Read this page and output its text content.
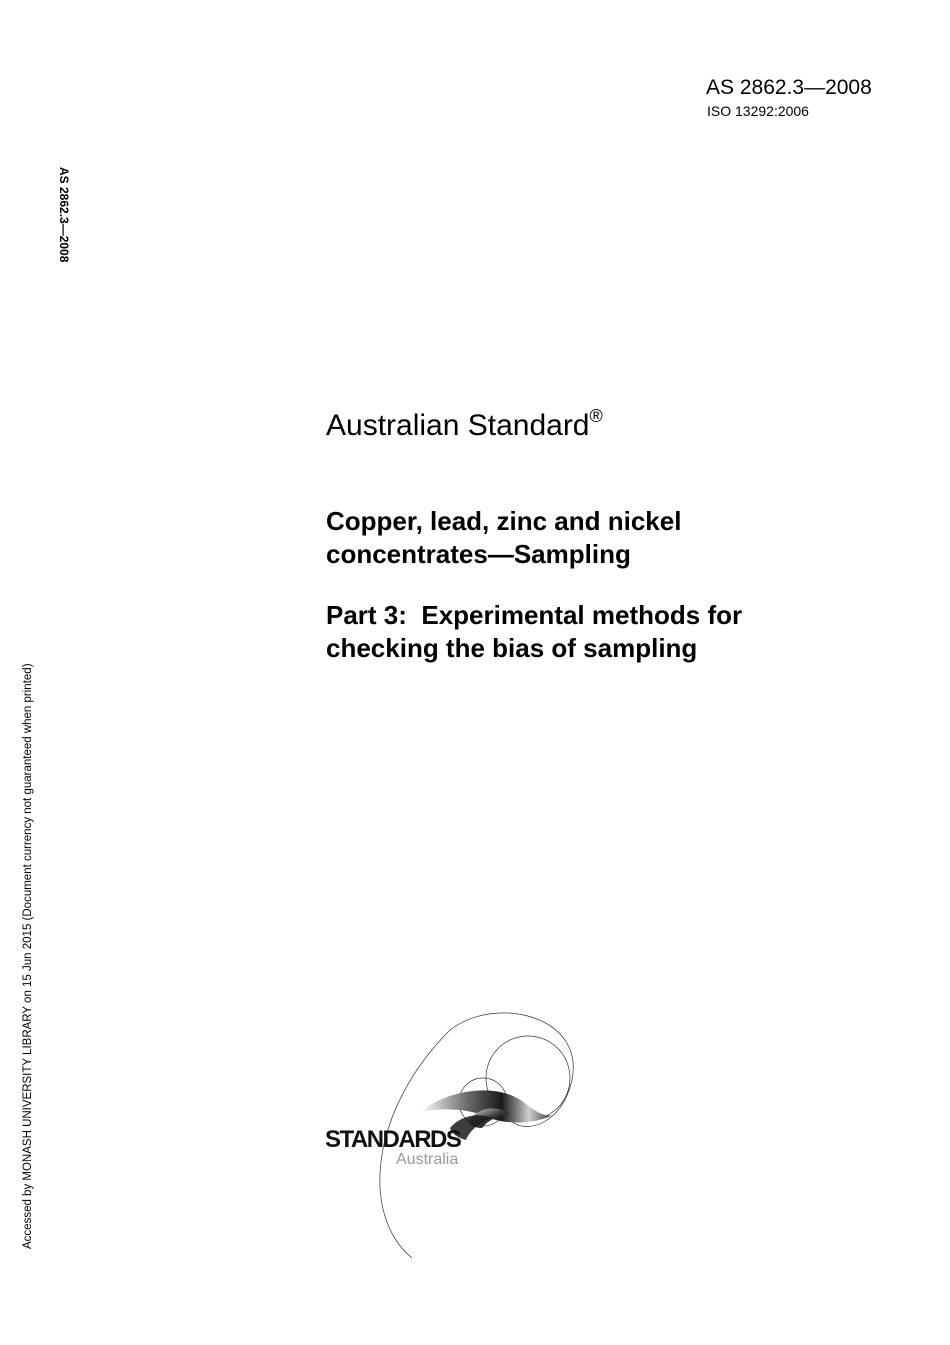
AS 2862.3—2008
ISO 13292:2006
AS 2862.3—2008
Accessed by MONASH UNIVERSITY LIBRARY on 15 Jun 2015 (Document currency not guaranteed when printed)
Australian Standard®
Copper, lead, zinc and nickel
concentrates—Sampling
Part 3:  Experimental methods for
checking the bias of sampling
STANDARDS
Australia
